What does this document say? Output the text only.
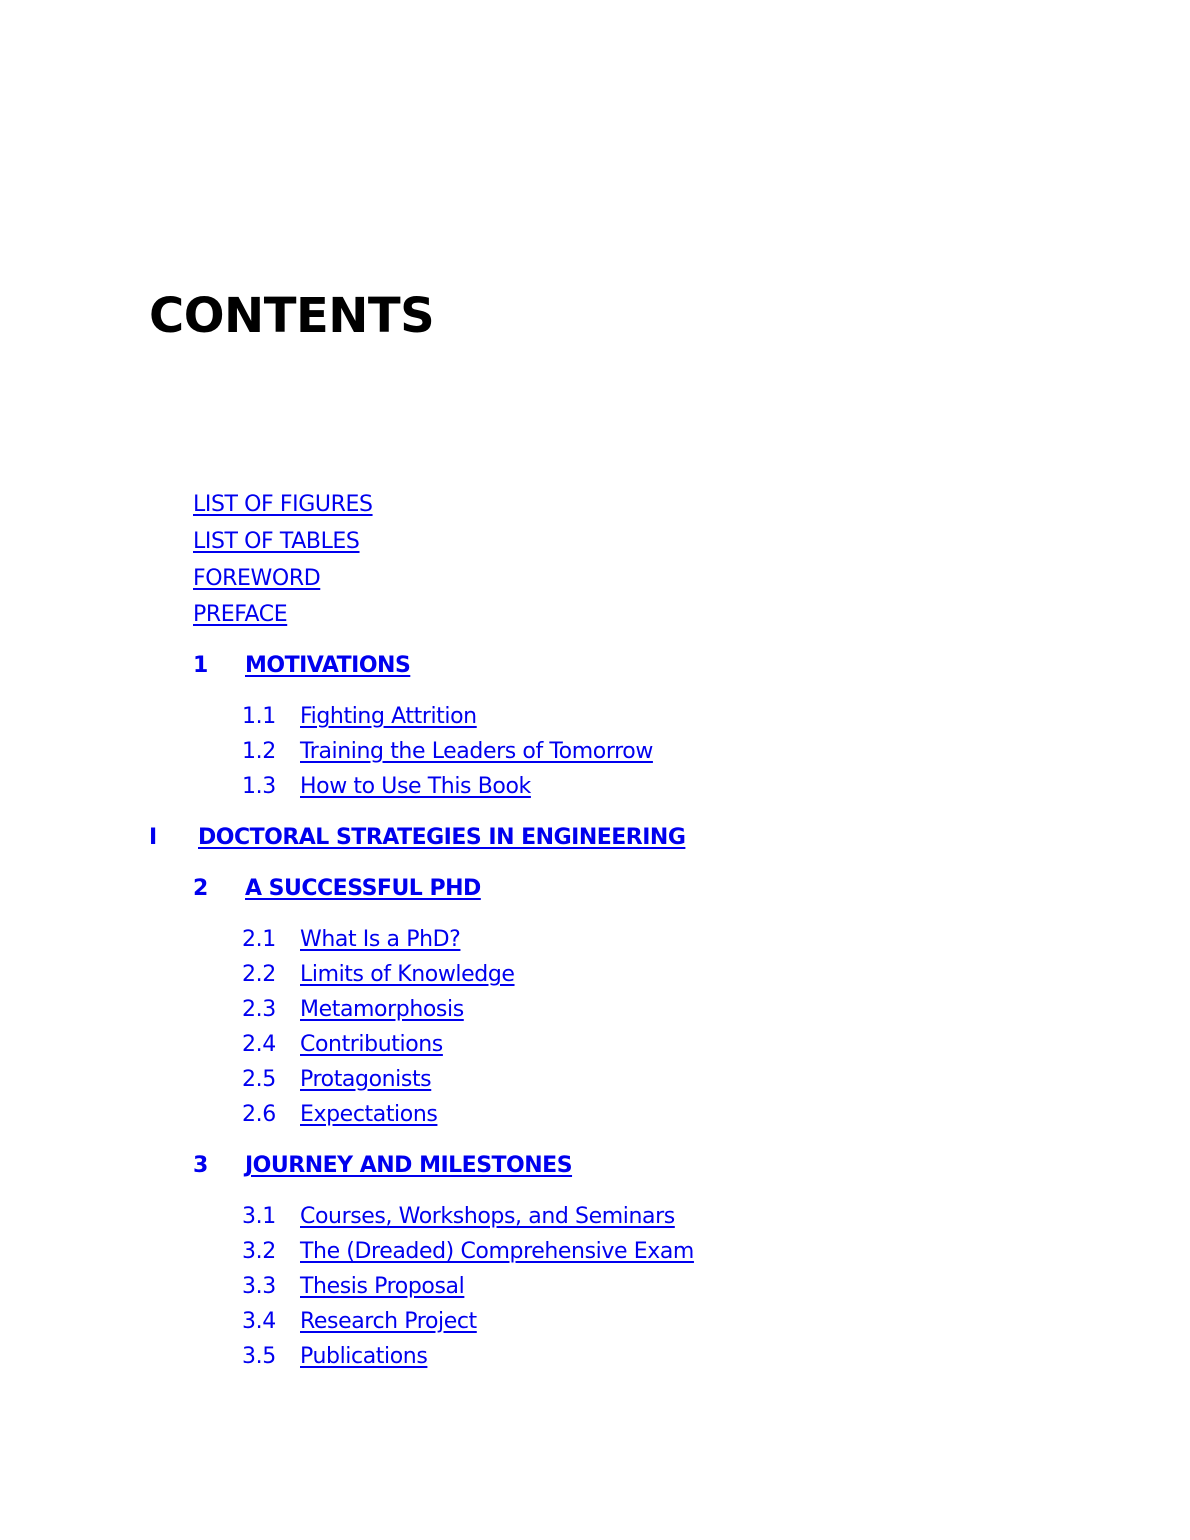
CONTENTS
LIST OF FIGURES
LIST OF TABLES
FOREWORD
PREFACE
1 MOTIVATIONS
1.1 Fighting Attrition
1.2 Training the Leaders of Tomorrow
1.3 How to Use This Book
I DOCTORAL STRATEGIES IN ENGINEERING
2 A SUCCESSFUL PHD
2.1 What Is a PhD?
2.2 Limits of Knowledge
2.3 Metamorphosis
2.4 Contributions
2.5 Protagonists
2.6 Expectations
3 JOURNEY AND MILESTONES
3.1 Courses, Workshops, and Seminars
3.2 The (Dreaded) Comprehensive Exam
3.3 Thesis Proposal
3.4 Research Project
3.5 Publications
